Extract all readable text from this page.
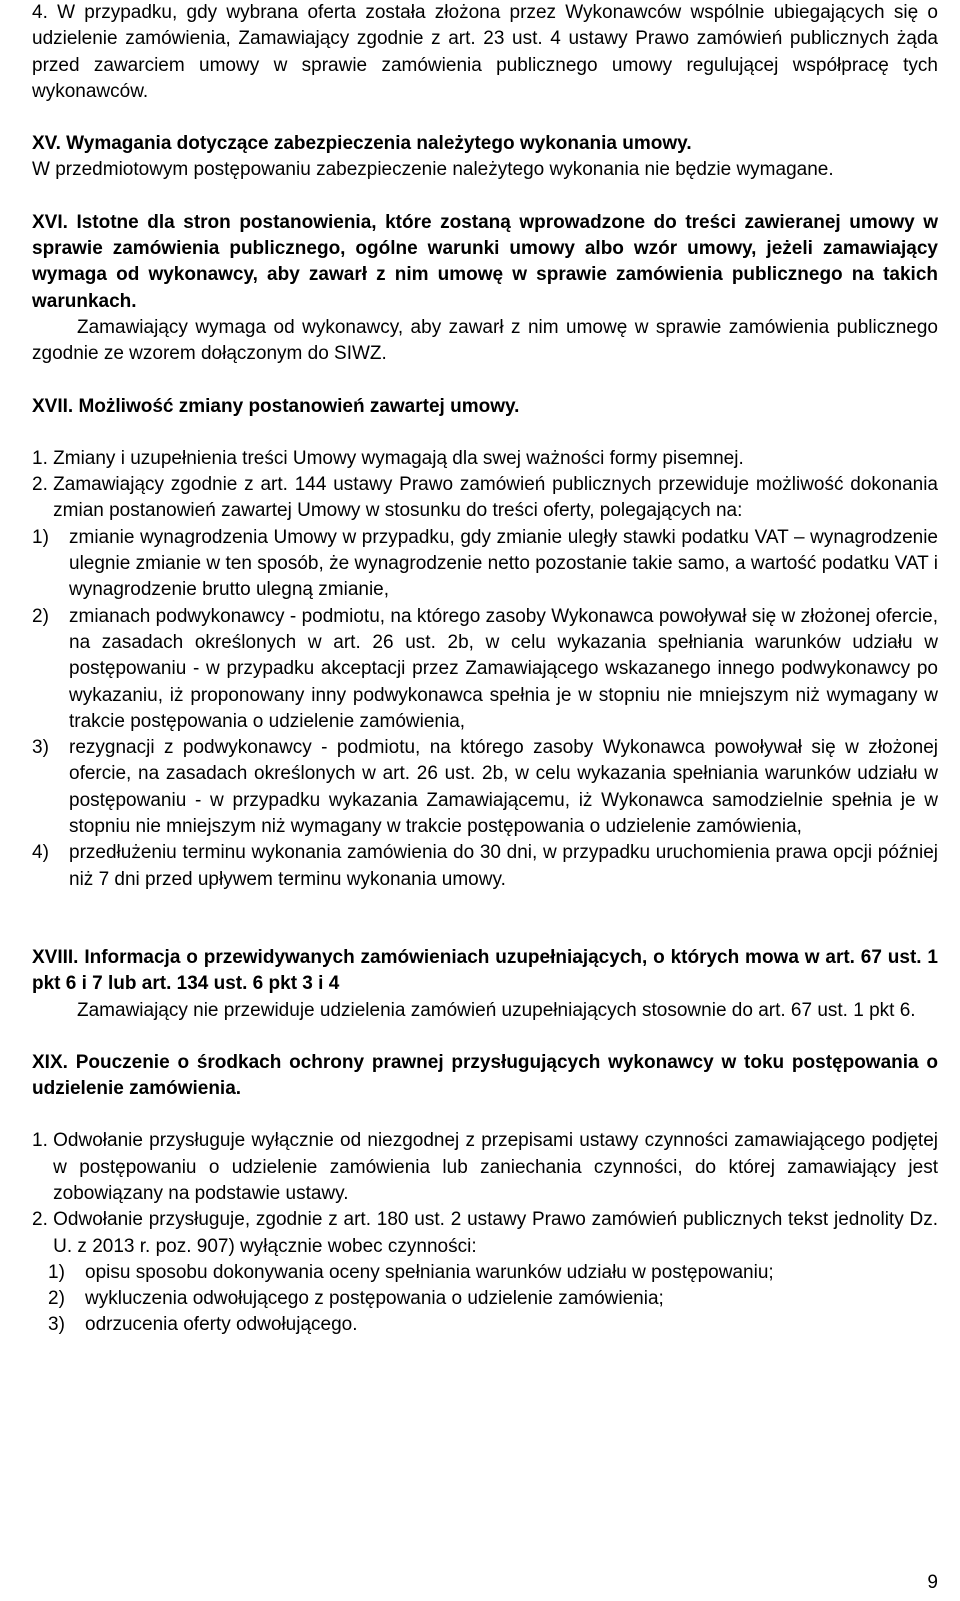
4. W przypadku, gdy wybrana oferta została złożona przez Wykonawców wspólnie ubiegających się o udzielenie zamówienia, Zamawiający zgodnie z art. 23 ust. 4 ustawy Prawo zamówień publicznych żąda przed zawarciem umowy w sprawie zamówienia publicznego umowy regulującej współpracę tych wykonawców.

XV. Wymagania dotyczące zabezpieczenia należytego wykonania umowy.

W przedmiotowym postępowaniu zabezpieczenie należytego wykonania nie będzie wymagane.

XVI. Istotne dla stron postanowienia, które zostaną wprowadzone do treści zawieranej umowy w sprawie zamówienia publicznego, ogólne warunki umowy albo wzór umowy, jeżeli zamawiający wymaga od wykonawcy, aby zawarł z nim umowę w sprawie zamówienia publicznego na takich warunkach.

Zamawiający wymaga od wykonawcy, aby zawarł z nim umowę w sprawie zamówienia publicznego zgodnie ze wzorem dołączonym do SIWZ.

XVII. Możliwość zmiany postanowień zawartej umowy.

1.
Zmiany i uzupełnienia treści Umowy wymagają dla swej ważności formy pisemnej.
2.
Zamawiający zgodnie z art. 144 ustawy Prawo zamówień publicznych przewiduje możliwość dokonania zmian postanowień zawartej Umowy w stosunku do treści oferty, polegających na:
1)	zmianie wynagrodzenia Umowy w przypadku, gdy zmianie uległy stawki podatku VAT – wynagrodzenie ulegnie zmianie w ten sposób, że wynagrodzenie netto pozostanie takie samo, a wartość podatku VAT i wynagrodzenie brutto ulegną zmianie,
2)	zmianach podwykonawcy - podmiotu, na którego zasoby Wykonawca powoływał się w złożonej ofercie, na zasadach określonych w art. 26 ust. 2b, w celu wykazania spełniania warunków udziału w postępowaniu - w przypadku akceptacji przez Zamawiającego wskazanego innego podwykonawcy po wykazaniu, iż proponowany inny podwykonawca spełnia je w stopniu nie mniejszym niż wymagany w trakcie postępowania o udzielenie zamówienia,
3)	rezygnacji z podwykonawcy - podmiotu, na którego zasoby Wykonawca powoływał się w złożonej ofercie, na zasadach określonych w art. 26 ust. 2b, w celu wykazania spełniania warunków udziału w postępowaniu - w przypadku wykazania Zamawiającemu, iż Wykonawca samodzielnie spełnia je w stopniu nie mniejszym niż wymagany w trakcie postępowania o udzielenie zamówienia,
4)	przedłużeniu terminu wykonania zamówienia do 30 dni, w przypadku uruchomienia prawa opcji później niż 7 dni przed upływem terminu wykonania umowy.

XVIII. Informacja o przewidywanych zamówieniach uzupełniających, o których mowa w art. 67 ust. 1 pkt 6 i 7 lub art. 134 ust. 6 pkt 3 i 4

Zamawiający nie przewiduje udzielenia zamówień uzupełniających stosownie do art. 67 ust. 1 pkt 6.

XIX. Pouczenie o środkach ochrony prawnej przysługujących wykonawcy w toku postępowania o udzielenie zamówienia.

1.
Odwołanie przysługuje wyłącznie od niezgodnej z przepisami ustawy czynności zamawiającego podjętej w postępowaniu o udzielenie zamówienia lub zaniechania czynności, do której zamawiający jest zobowiązany na podstawie ustawy.
2.
Odwołanie przysługuje, zgodnie z art. 180 ust. 2 ustawy Prawo zamówień publicznych tekst jednolity Dz. U. z 2013 r. poz. 907) wyłącznie wobec czynności:
1)	opisu sposobu dokonywania oceny spełniania warunków udziału w postępowaniu;
2)	wykluczenia odwołującego z postępowania o udzielenie zamówienia;
3)	odrzucenia oferty odwołującego.
9
